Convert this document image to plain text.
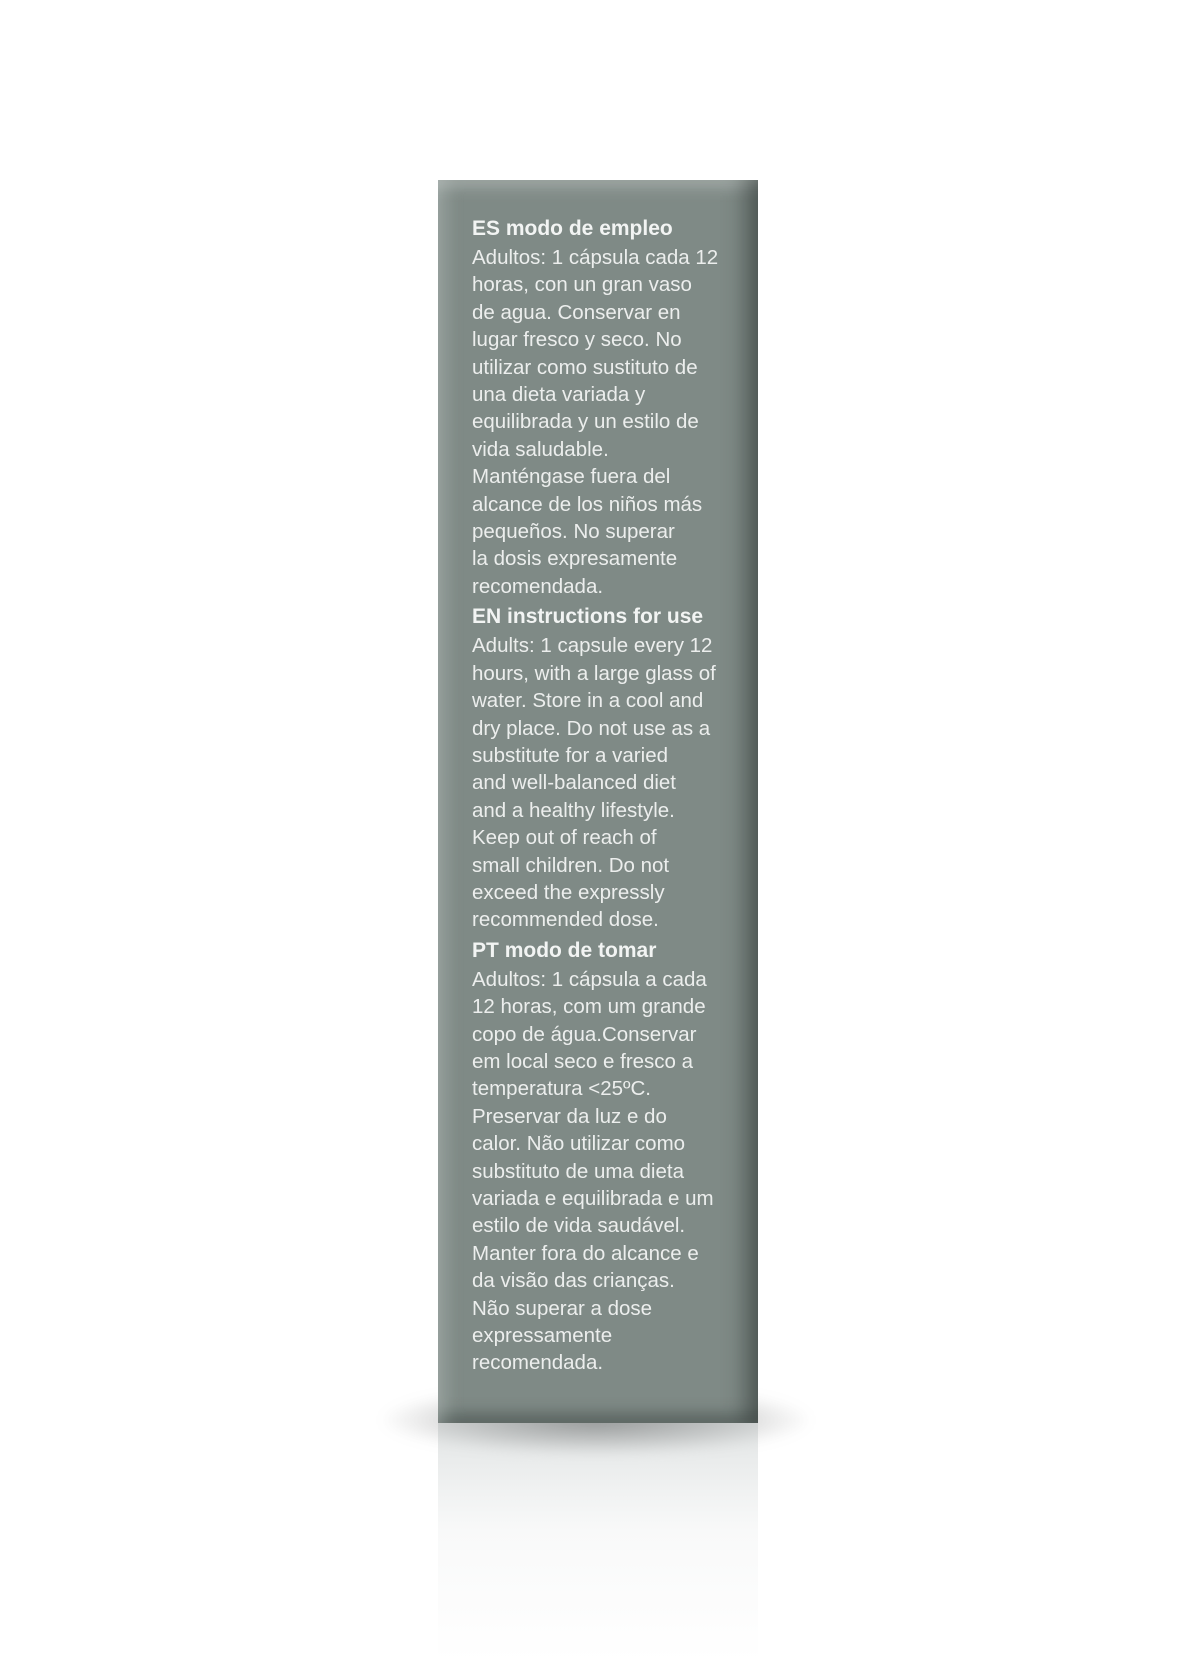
ES modo de empleo

Adultos: 1 cápsula cada 12
horas, con un gran vaso
de agua. Conservar en
lugar fresco y seco. No
utilizar como sustituto de
una dieta variada y
equilibrada y un estilo de
vida saludable.
Manténgase fuera del
alcance de los niños más
pequeños. No superar
la dosis expresamente
recomendada.

EN instructions for use

Adults: 1 capsule every 12
hours, with a large glass of
water. Store in a cool and
dry place. Do not use as a
substitute for a varied
and well-balanced diet
and a healthy lifestyle.
Keep out of reach of
small children. Do not
exceed the expressly
recommended dose.

PT modo de tomar

Adultos: 1 cápsula a cada
12 horas, com um grande
copo de água.Conservar
em local seco e fresco a
temperatura <25ºC.
Preservar da luz e do
calor. Não utilizar como
substituto de uma dieta
variada e equilibrada e um
estilo de vida saudável.
Manter fora do alcance e
da visão das crianças.
Não superar a dose
expressamente
recomendada.
